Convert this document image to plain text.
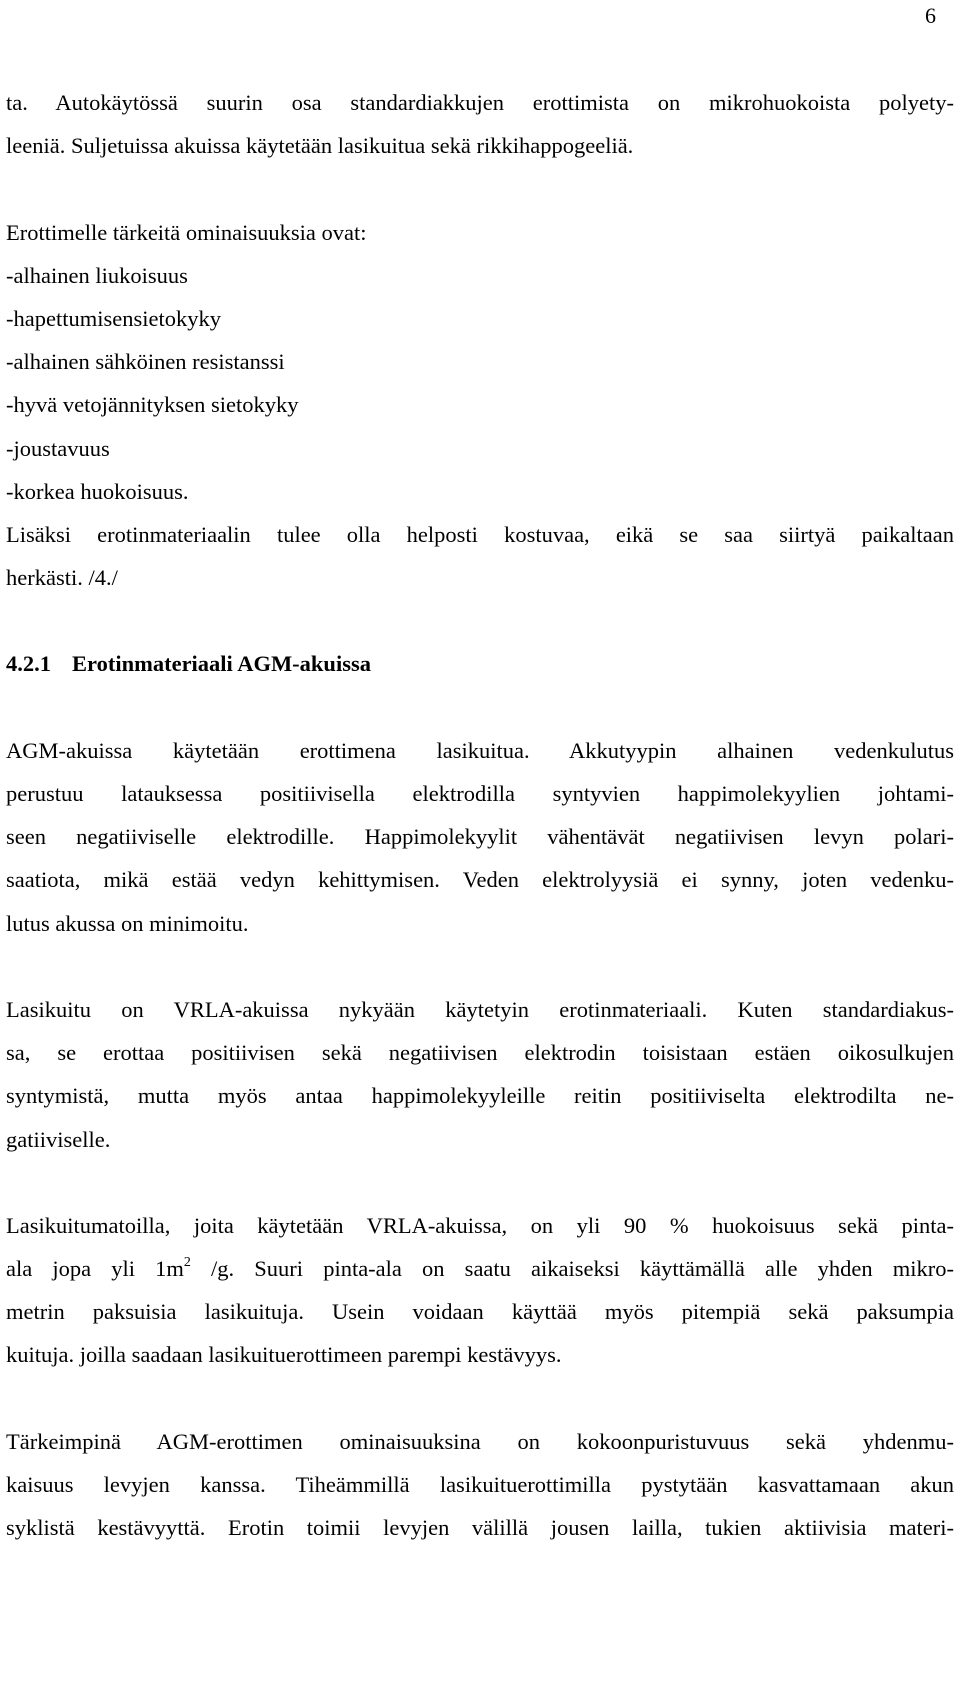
6
ta. Autokäytössä suurin osa standardiakkujen erottimista on mikrohuokoista polyety-
leeniä. Suljetuissa akuissa käytetään lasikuitua sekä rikkihappogeeliä.
Erottimelle tärkeitä ominaisuuksia ovat:
-alhainen liukoisuus
-hapettumisensietokyky
-alhainen sähköinen resistanssi
-hyvä vetojännityksen sietokyky
-joustavuus
-korkea huokoisuus.
Lisäksi erotinmateriaalin tulee olla helposti kostuvaa, eikä se saa siirtyä paikaltaan
herkästi. /4./
4.2.1 Erotinmateriaali AGM-akuissa
AGM-akuissa käytetään erottimena lasikuitua. Akkutyypin alhainen vedenkulutus
perustuu latauksessa positiivisella elektrodilla syntyvien happimolekyylien johtami-
seen negatiiviselle elektrodille. Happimolekyylit vähentävät negatiivisen levyn polari-
saatiota, mikä estää vedyn kehittymisen. Veden elektrolyysiä ei synny, joten vedenku-
lutus akussa on minimoitu.
Lasikuitu on VRLA-akuissa nykyään käytetyin erotinmateriaali. Kuten standardiakus-
sa, se erottaa positiivisen sekä negatiivisen elektrodin toisistaan estäen oikosulkujen
syntymistä, mutta myös antaa happimolekyyleille reitin positiiviselta elektrodilta ne-
gatiiviselle.
Lasikuitumatoilla, joita käytetään VRLA-akuissa, on yli 90 % huokoisuus sekä pinta-
ala jopa yli $1m^2$ /g. Suuri pinta-ala on saatu aikaiseksi käyttämällä alle yhden mikro-
metrin paksuisia lasikuituja. Usein voidaan käyttää myös pitempiä sekä paksumpia
kuituja. joilla saadaan lasikuituerottimeen parempi kestävyys.
Tärkeimpinä AGM-erottimen ominaisuuksina on kokoonpuristuvuus sekä yhdenmu-
kaisuus levyjen kanssa. Tiheämmillä lasikuituerottimilla pystytään kasvattamaan akun
syklistä kestävyyttä. Erotin toimii levyjen välillä jousen lailla, tukien aktiivisia materi-
